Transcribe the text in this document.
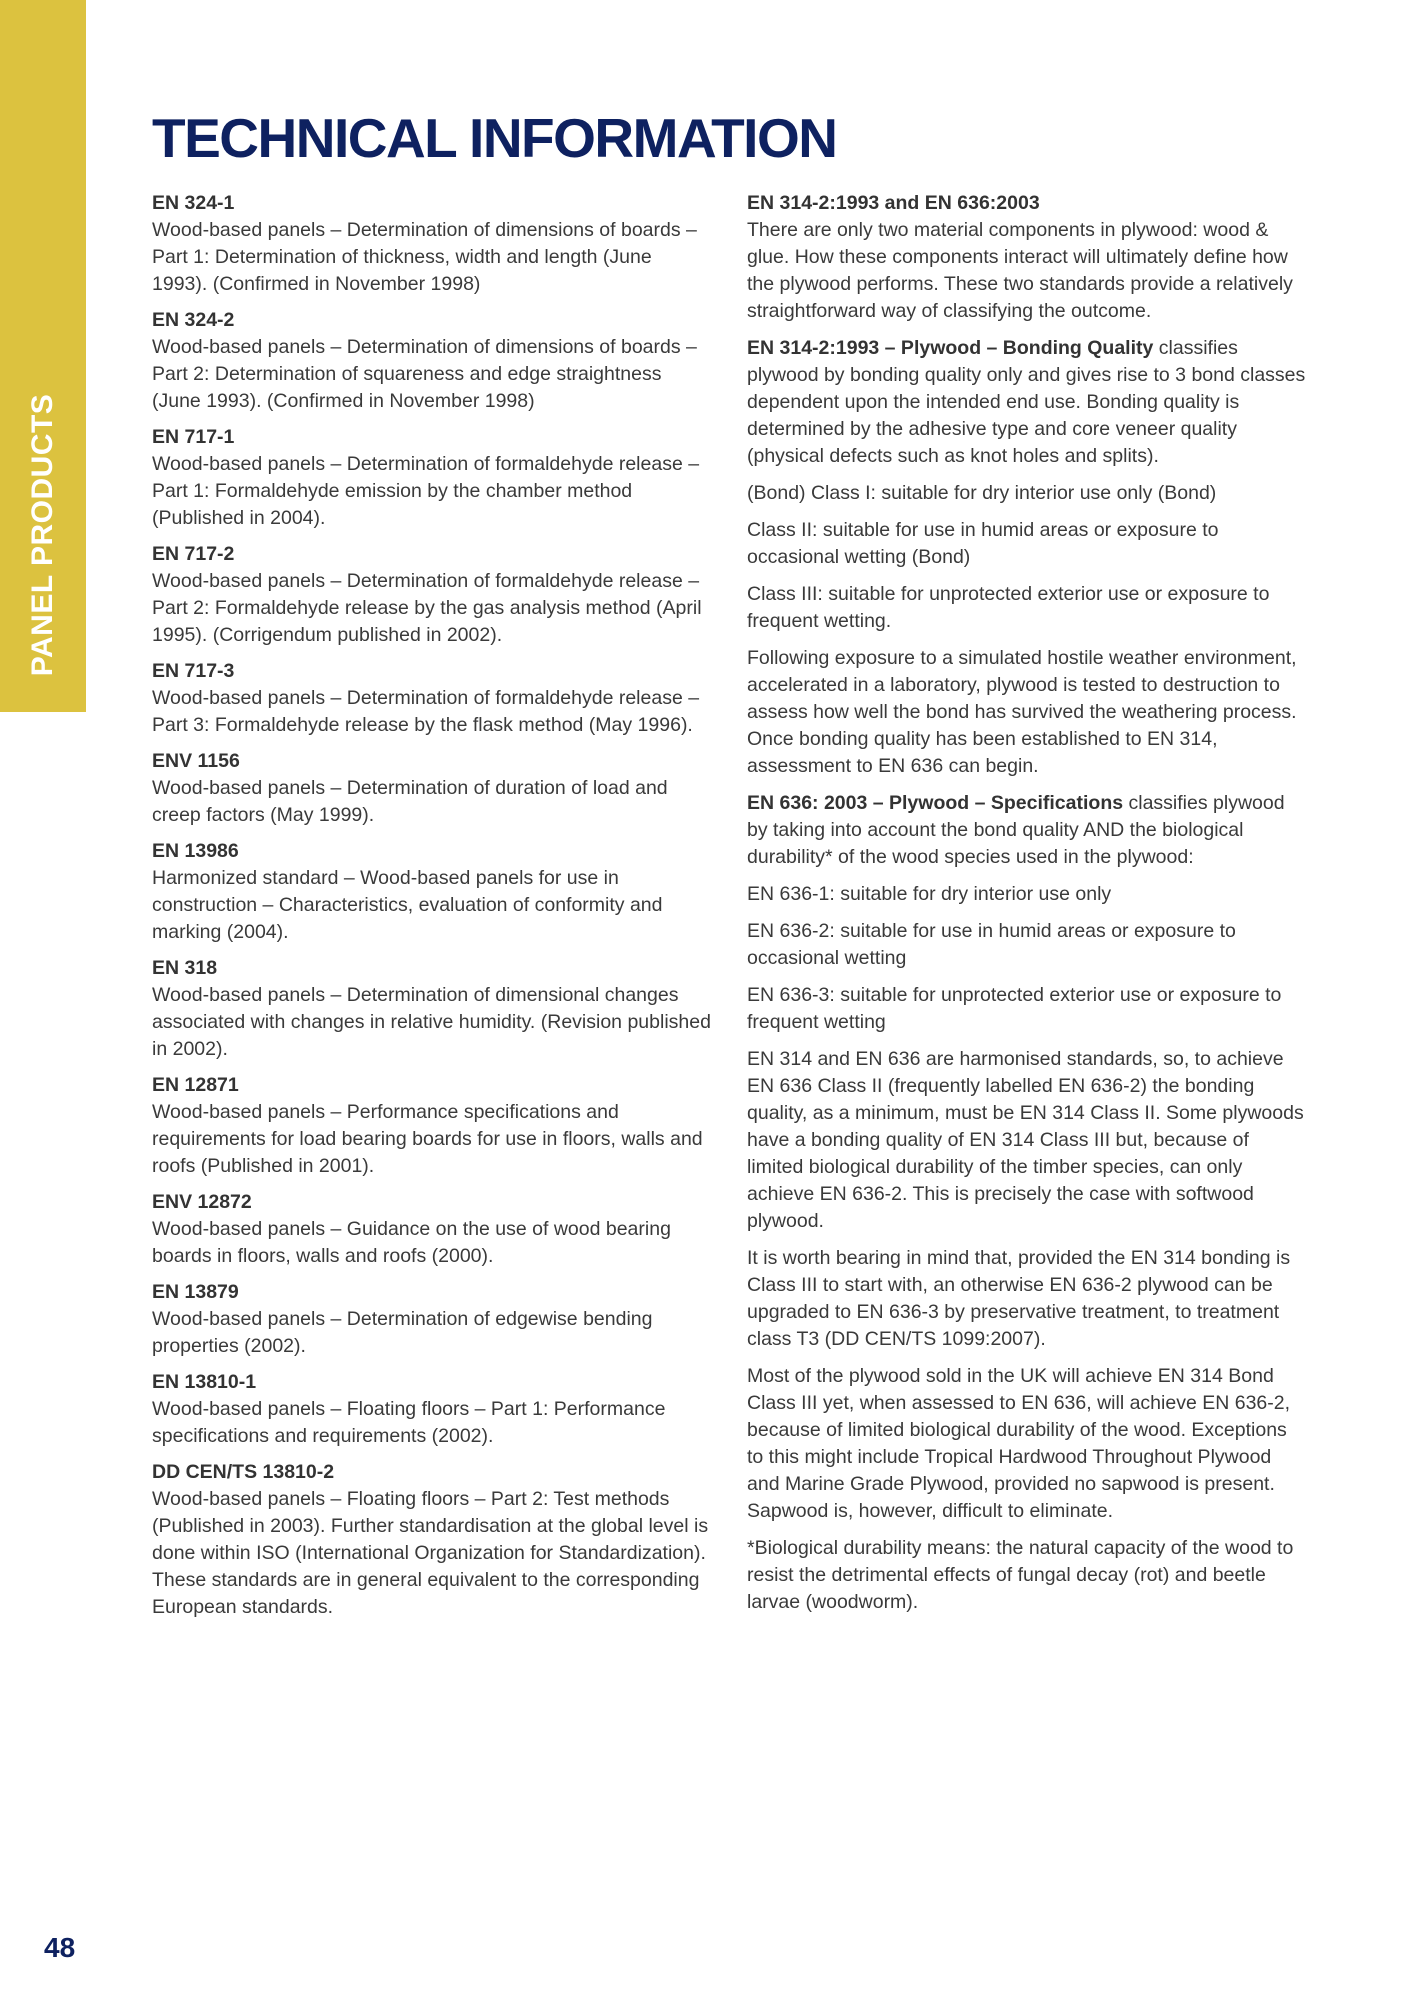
PANEL PRODUCTS
TECHNICAL INFORMATION
EN 324-1
Wood-based panels – Determination of dimensions of boards – Part 1: Determination of thickness, width and length (June 1993). (Confirmed in November 1998)
EN 324-2
Wood-based panels – Determination of dimensions of boards – Part 2: Determination of squareness and edge straightness (June 1993). (Confirmed in November 1998)
EN 717-1
Wood-based panels – Determination of formaldehyde release – Part 1: Formaldehyde emission by the chamber method (Published in 2004).
EN 717-2
Wood-based panels – Determination of formaldehyde release – Part 2: Formaldehyde release by the gas analysis method (April 1995). (Corrigendum published in 2002).
EN 717-3
Wood-based panels – Determination of formaldehyde release – Part 3: Formaldehyde release by the flask method (May 1996).
ENV 1156
Wood-based panels – Determination of duration of load and creep factors (May 1999).
EN 13986
Harmonized standard – Wood-based panels for use in construction – Characteristics, evaluation of conformity and marking (2004).
EN 318
Wood-based panels – Determination of dimensional changes associated with changes in relative humidity. (Revision published in 2002).
EN 12871
Wood-based panels – Performance specifications and requirements for load bearing boards for use in floors, walls and roofs (Published in 2001).
ENV 12872
Wood-based panels – Guidance on the use of wood bearing boards in floors, walls and roofs (2000).
EN 13879
Wood-based panels – Determination of edgewise bending properties (2002).
EN 13810-1
Wood-based panels – Floating floors – Part 1: Performance specifications and requirements (2002).
DD CEN/TS 13810-2
Wood-based panels – Floating floors – Part 2: Test methods (Published in 2003). Further standardisation at the global level is done within ISO (International Organization for Standardization). These standards are in general equivalent to the corresponding European standards.
EN 314-2:1993 and EN 636:2003

There are only two material components in plywood: wood & glue. How these components interact will ultimately define how the plywood performs. These two standards provide a relatively straightforward way of classifying the outcome.

EN 314-2:1993 – Plywood – Bonding Quality classifies plywood by bonding quality only and gives rise to 3 bond classes dependent upon the intended end use. Bonding quality is determined by the adhesive type and core veneer quality (physical defects such as knot holes and splits).

(Bond) Class I: suitable for dry interior use only (Bond)

Class II: suitable for use in humid areas or exposure to occasional wetting (Bond)

Class III: suitable for unprotected exterior use or exposure to frequent wetting.

Following exposure to a simulated hostile weather environment, accelerated in a laboratory, plywood is tested to destruction to assess how well the bond has survived the weathering process. Once bonding quality has been established to EN 314, assessment to EN 636 can begin.

EN 636: 2003 – Plywood – Specifications classifies plywood by taking into account the bond quality AND the biological durability* of the wood species used in the plywood:

EN 636-1: suitable for dry interior use only

EN 636-2: suitable for use in humid areas or exposure to occasional wetting

EN 636-3: suitable for unprotected exterior use or exposure to frequent wetting

EN 314 and EN 636 are harmonised standards, so, to achieve EN 636 Class II (frequently labelled EN 636-2) the bonding quality, as a minimum, must be EN 314 Class II. Some plywoods have a bonding quality of EN 314 Class III but, because of limited biological durability of the timber species, can only achieve EN 636-2. This is precisely the case with softwood plywood.

It is worth bearing in mind that, provided the EN 314 bonding is Class III to start with, an otherwise EN 636-2 plywood can be upgraded to EN 636-3 by preservative treatment, to treatment class T3 (DD CEN/TS 1099:2007).

Most of the plywood sold in the UK will achieve EN 314 Bond Class III yet, when assessed to EN 636, will achieve EN 636-2, because of limited biological durability of the wood. Exceptions to this might include Tropical Hardwood Throughout Plywood and Marine Grade Plywood, provided no sapwood is present. Sapwood is, however, difficult to eliminate.

*Biological durability means: the natural capacity of the wood to resist the detrimental effects of fungal decay (rot) and beetle larvae (woodworm).

48
